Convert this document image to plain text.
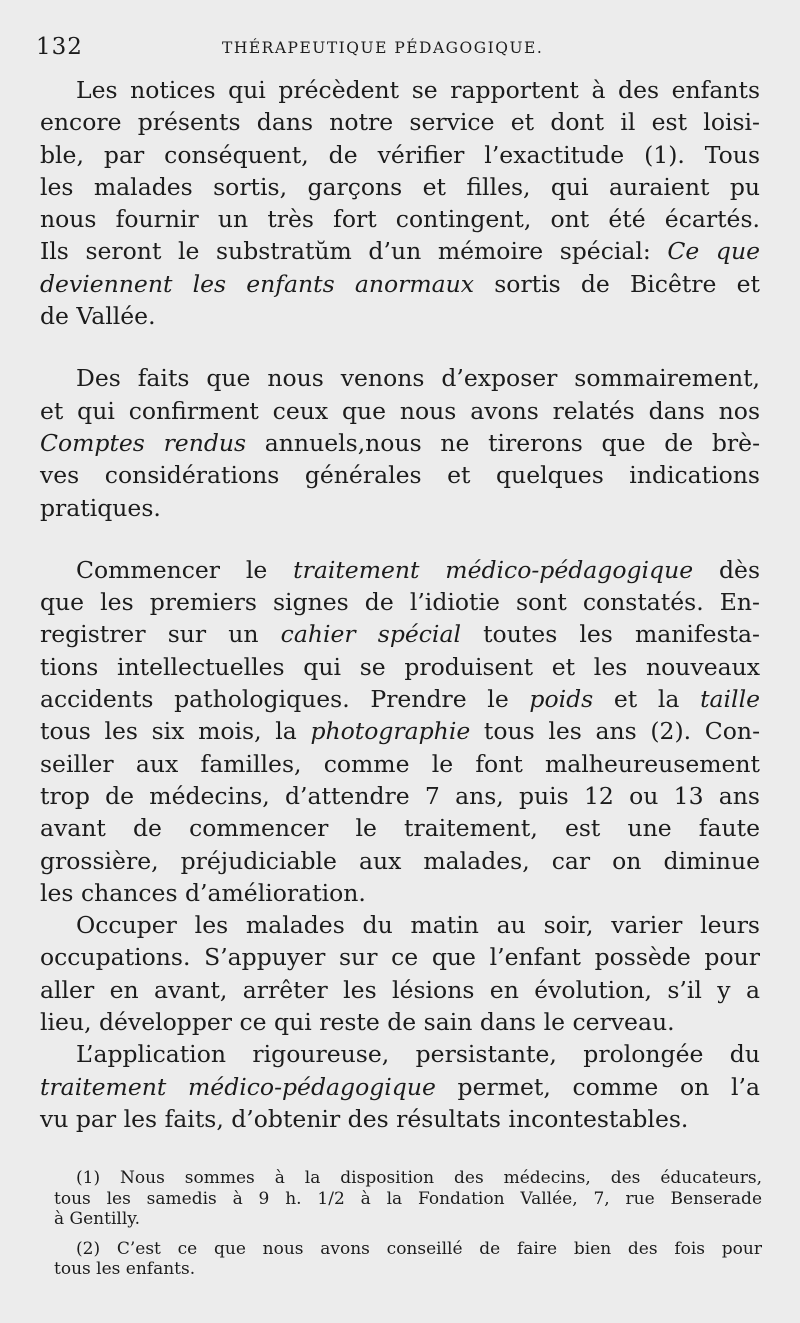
132	THÉRAPEUTIQUE PÉDAGOGIQUE.
Les notices qui précèdent se rapportent à des enfants
encore présents dans notre service et dont il est loisi-
ble, par conséquent, de vérifier l’exactitude (1). Tous
les malades sortis, garçons et filles, qui auraient pu
nous fournir un très fort contingent, ont été écartés.
Ils seront le substratŭm d’un mémoire spécial: Ce que
deviennent les enfants anormaux sortis de Bicêtre et
de Vallée.
Des faits que nous venons d’exposer sommairement,
et qui confirment ceux que nous avons relatés dans nos
Comptes rendus annuels,nous ne tirerons que de brè-
ves considérations générales et quelques indications
pratiques.
Commencer le traitement médico-pédagogique dès
que les premiers signes de l’idiotie sont constatés. En-
registrer sur un cahier spécial toutes les manifesta-
tions intellectuelles qui se produisent et les nouveaux
accidents pathologiques. Prendre le poids et la taille
tous les six mois, la photographie tous les ans (2). Con-
seiller aux familles, comme le font malheureusement
trop de médecins, d’attendre 7 ans, puis 12 ou 13 ans
avant de commencer le traitement, est une faute
grossière, préjudiciable aux malades, car on diminue
les chances d’amélioration.
Occuper les malades du matin au soir, varier leurs
occupations. S’appuyer sur ce que l’enfant possède pour
aller en avant, arrêter les lésions en évolution, s’il y a
lieu, développer ce qui reste de sain dans le cerveau.
L’application rigoureuse, persistante, prolongée du
traitement médico-pédagogique permet, comme on l’a
vu par les faits, d’obtenir des résultats incontestables.
(1) Nous sommes à la disposition des médecins, des éducateurs,
tous les samedis à 9 h. 1/2 à la Fondation Vallée, 7, rue Benserade
à Gentilly.
(2) C’est ce que nous avons conseillé de faire bien des fois pour
tous les enfants.
